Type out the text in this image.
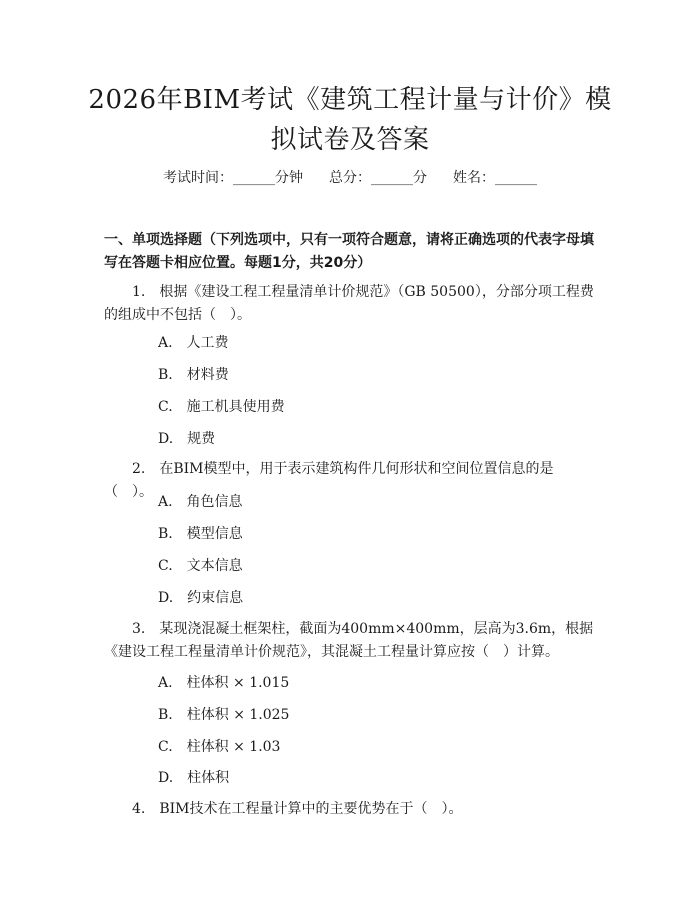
2026年BIM考试《建筑工程计量与计价》模拟试卷及答案
考试时间：______分钟 总分：______分 姓名：______
一、单项选择题（下列选项中，只有一项符合题意，请将正确选项的代表字母填写在答题卡相应位置。每题1分，共20分）
1.　根据《建设工程工程量清单计价规范》（GB 50500），分部分项工程费的组成中不包括（　）。
A.　人工费
B.　材料费
C.　施工机具使用费
D.　规费
2.　在BIM模型中，用于表示建筑构件几何形状和空间位置信息的是（　）。
A.　角色信息
B.　模型信息
C.　文本信息
D.　约束信息
3.　某现浇混凝土框架柱，截面为400mm×400mm，层高为3.6m，根据《建设工程工程量清单计价规范》，其混凝土工程量计算应按（　）计算。
A.　柱体积 × 1.015
B.　柱体积 × 1.025
C.　柱体积 × 1.03
D.　柱体积
4.　BIM技术在工程量计算中的主要优势在于（　）。
